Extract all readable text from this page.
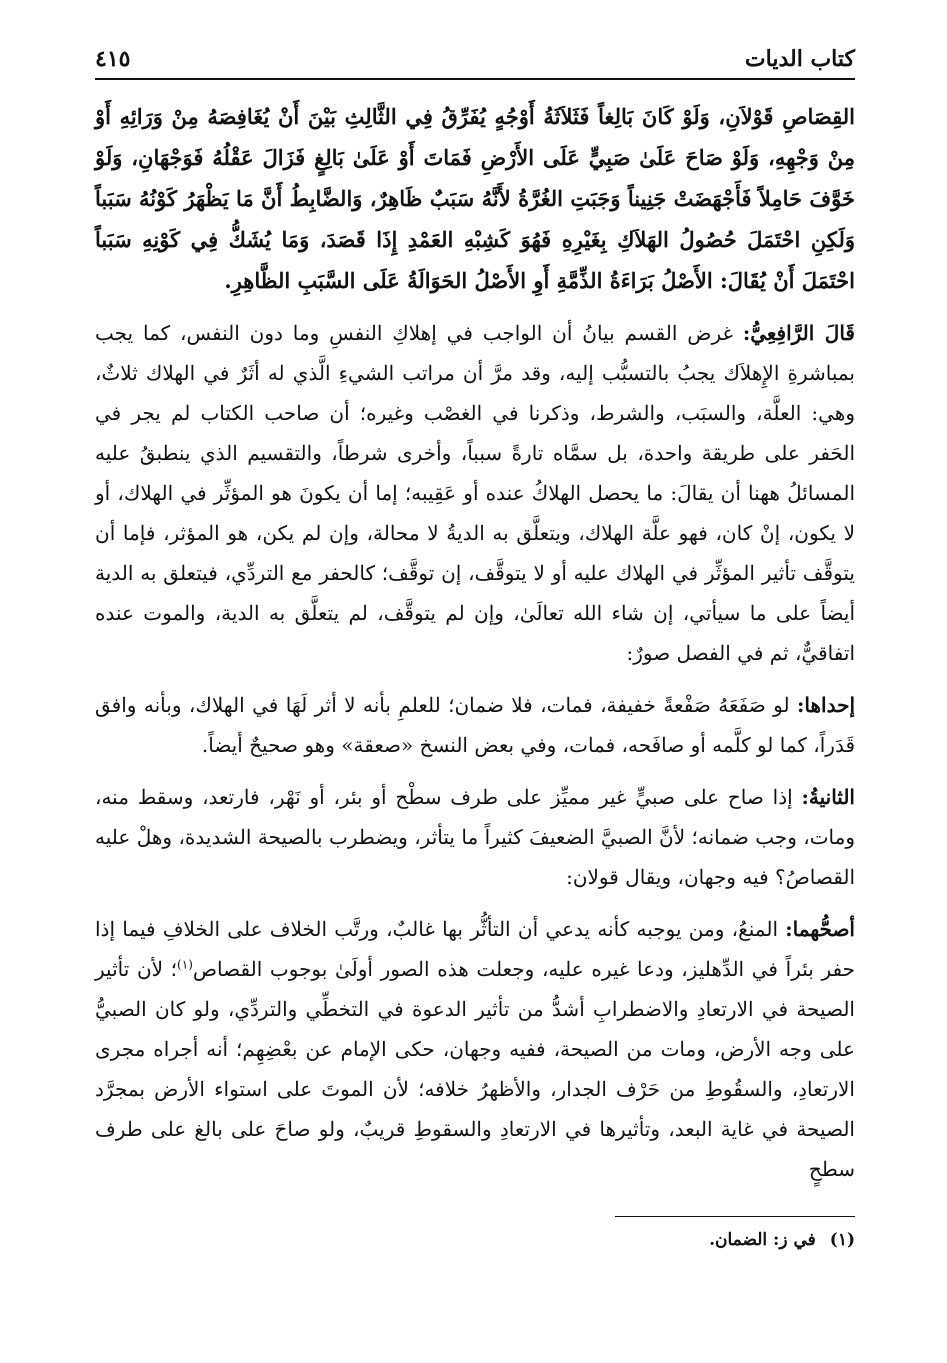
كتاب الديات
٤١٥
القِصَاصِ قَوْلاَنِ، وَلَوْ كَانَ بَالِغاً فَثَلاَثَةُ أَوْجُهٍ يُفَرِّقُ فِي الثَّالِثِ بَيْنَ أَنْ يُغَافِصَهُ مِنْ وَرَائِهِ أَوْ مِنْ وَجْهِهِ، وَلَوْ صَاحَ عَلَىٰ صَبِيٍّ عَلَى الأَرْضِ فَمَاتَ أَوْ عَلَىٰ بَالِغٍ فَزَالَ عَقْلُهُ فَوَجْهَانِ، وَلَوْ خَوَّفَ حَامِلاً فَأَجْهَضَتْ جَنِيناً وَجَبَتِ الغُرَّةُ لأَنَّهُ سَبَبٌ ظَاهِرٌ، وَالضَّابِطُ أَنَّ مَا يَظْهَرُ كَوْنُهُ سَبَباً وَلَكِنِ احْتَمَلَ حُصُولُ الهَلاَكِ بِغَيْرِهِ فَهُوَ كَشِبْهِ العَمْدِ إِذَا قَصَدَ، وَمَا يُشَكُّ فِي كَوْنِهِ سَبَباً احْتَمَلَ أَنْ يُقَالَ: الأَصْلُ بَرَاءَةُ الذِّمَّةِ أَوِ الأَصْلُ الحَوَالَةُ عَلَى السَّبَبِ الظَّاهِرِ.
قَالَ الرَّافِعِيُّ: غرض القسم بيانُ أن الواجب في إهلاكِ النفسِ وما دون النفس، كما يجب بمباشرةِ الإِهلاَك يجبُ بالتسبُّب إليه، وقد مرَّ أن مراتب الشيءِ الَّذي له أثَرٌ في الهلاك ثلاثٌ، وهي: العلَّة، والسبَب، والشرط، وذكرنا في الغصْب وغيره؛ أن صاحب الكتاب لم يجر في الحَفر على طريقة واحدة، بل سمَّاه تارةً سبباً، وأخرى شرطاً، والتقسيم الذي ينطبقُ عليه المسائلُ ههنا أن يقالَ: ما يحصل الهلاكُ عنده أو عَقِيبه؛ إما أن يكونَ هو المؤثِّر في الهلاك، أو لا يكون، إنْ كان، فهو علَّة الهلاك، ويتعلَّق به الديةُ لا محالة، وإن لم يكن، هو المؤثر، فإما أن يتوقَّف تأثير المؤثِّر في الهلاك عليه أو لا يتوقَّف، إن توقَّف؛ كالحفر مع التردِّي، فيتعلق به الدية أيضاً على ما سيأتي، إن شاء الله تعالَىٰ، وإن لم يتوقَّف، لم يتعلَّق به الدية، والموت عنده اتفاقيٌّ، ثم في الفصل صورٌ:
إحداها: لو صَفَعَهُ صَفْعةً خفيفة، فمات، فلا ضمان؛ للعلمِ بأنه لا أثر لَهَا في الهلاك، وبأنه وافق قَدَراً، كما لو كلَّمه أو صافَحه، فمات، وفي بعض النسخ «صعقة» وهو صحيحٌ أيضاً.
الثانيةُ: إذا صاح على صبيٍّ غير مميِّز على طرف سطْح أو بئر، أو نَهْر، فارتعد، وسقط منه، ومات، وجب ضمانه؛ لأنَّ الصبيَّ الضعيفَ كثيراً ما يتأثر، ويضطرب بالصيحة الشديدة، وهلْ عليه القصاصُ؟ فيه وجهان، ويقال قولان:
أصحُّهما: المنعُ، ومن يوجبه كأنه يدعي أن التأثُّر بها غالبٌ، ورتَّب الخلاف على الخلافِ فيما إذا حفر بئراً في الدِّهليز، ودعا غيره عليه، وجعلت هذه الصور أولَىٰ بوجوب القصاص$^{(١)}$؛ لأن تأثير الصيحة في الارتعادِ والاضطرابِ أشدُّ من تأثير الدعوة في التخطِّي والتردِّي، ولو كان الصبيُّ على وجه الأرض، ومات من الصيحة، ففيه وجهان، حكى الإمام عن بعْضِهِم؛ أنه أجراه مجرى الارتعادِ، والسقُوطِ من حَرْف الجدار، والأظهرُ خلافه؛ لأن الموتَ على استواء الأرض بمجرَّد الصيحة في غاية البعد، وتأثيرها في الارتعادِ والسقوطِ قريبٌ، ولو صاحَ على بالغ على طرف سطحٍ
(١)في ز: الضمان.
